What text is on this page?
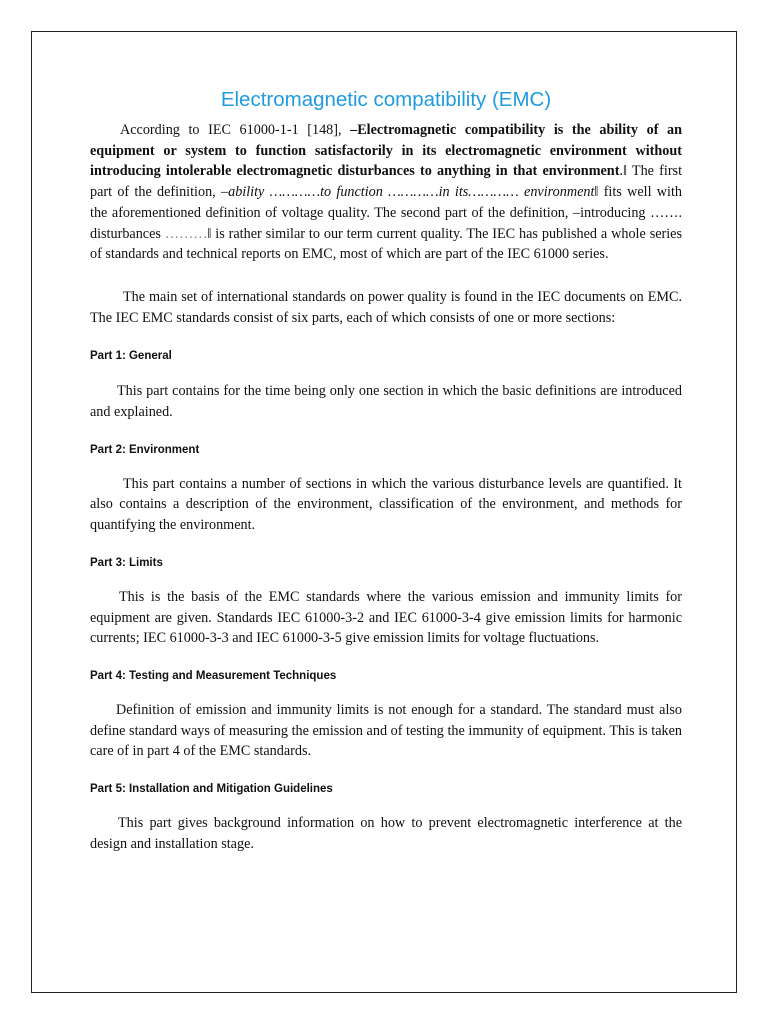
Electromagnetic compatibility (EMC)

According to IEC 61000-1-1 [148], –Electromagnetic compatibility is the ability of an equipment or system to function satisfactorily in its electromagnetic environment without introducing intolerable electromagnetic disturbances to anything in that environment.‖ The first part of the definition, –ability …………to function …………in its………… environment‖ fits well with the aforementioned definition of voltage quality. The second part of the definition, –introducing ……. disturbances ………‖ is rather similar to our term current quality. The IEC has published a whole series of standards and technical reports on EMC, most of which are part of the IEC 61000 series.

The main set of international standards on power quality is found in the IEC documents on EMC. The IEC EMC standards consist of six parts, each of which consists of one or more sections:

Part 1: General

This part contains for the time being only one section in which the basic definitions are introduced and explained.

Part 2: Environment

This part contains a number of sections in which the various disturbance levels are quantified. It also contains a description of the environment, classification of the environment, and methods for quantifying the environment.

Part 3: Limits

This is the basis of the EMC standards where the various emission and immunity limits for equipment are given. Standards IEC 61000-3-2 and IEC 61000-3-4 give emission limits for harmonic currents; IEC 61000-3-3 and IEC 61000-3-5 give emission limits for voltage fluctuations.

Part 4: Testing and Measurement Techniques

Definition of emission and immunity limits is not enough for a standard. The standard must also define standard ways of measuring the emission and of testing the immunity of equipment. This is taken care of in part 4 of the EMC standards.

Part 5: Installation and Mitigation Guidelines

This part gives background information on how to prevent electromagnetic interference at the design and installation stage.
